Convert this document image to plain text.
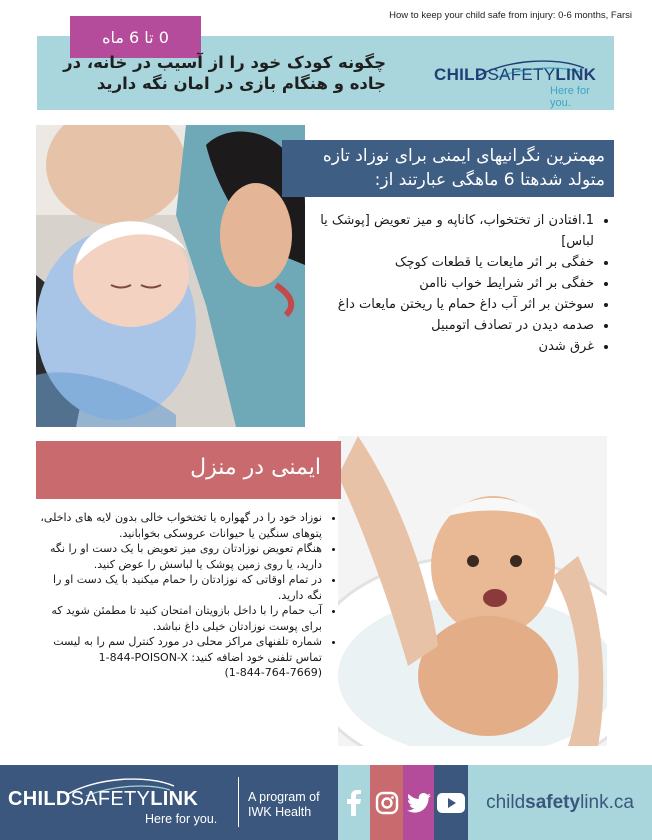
How to keep your child safe from injury: 0-6 months, Farsi
0 تا 6 ماه
چگونه کودک خود را از آسیب در خانه، در جاده و هنگام بازی در امان نگه دارید	CHILDSAFETYLINK
Here for you.
مهمترین نگرانیهای ایمنی برای نوزاد تازه متولد شدهتا 6 ماهگی عبارتند از:
• 1.افتادن از تختخواب، کاناپه و میز تعویض [پوشک یا لباس]
• خفگی بر اثر مایعات یا قطعات کوچک
• خفگی بر اثر شرایط خواب ناامن
• سوختن بر اثر آب داغ حمام یا ریختن مایعات داغ
• صدمه دیدن در تصادف اتومبیل
• غرق شدن
ایمنی در منزل
• نوزاد خود را در گهواره یا تختخواب خالی بدون لایه های داخلی، پتوهای سنگین یا حیوانات عروسکی بخوابانید.
• هنگام تعویض نوزادتان روی میز تعویض با یک دست او را نگه دارید، یا روی زمین پوشک یا لباسش را عوض کنید.
• در تمام اوقاتی که نوزادتان را حمام میکنید با یک دست او را نگه دارید.
• آب حمام را با داخل بازویتان امتحان کنید تا مطمئن شوید که برای پوست نوزادتان خیلی داغ نباشد.
• شماره تلفنهای مراکز محلی در مورد کنترل سم را به لیست تماس تلفنی خود اضافه کنید: 1-844-POISON-X
(1-844-764-7669)
CHILDSAFETYLINK
Here for you.
A program of
IWK Health	child safety link.ca
